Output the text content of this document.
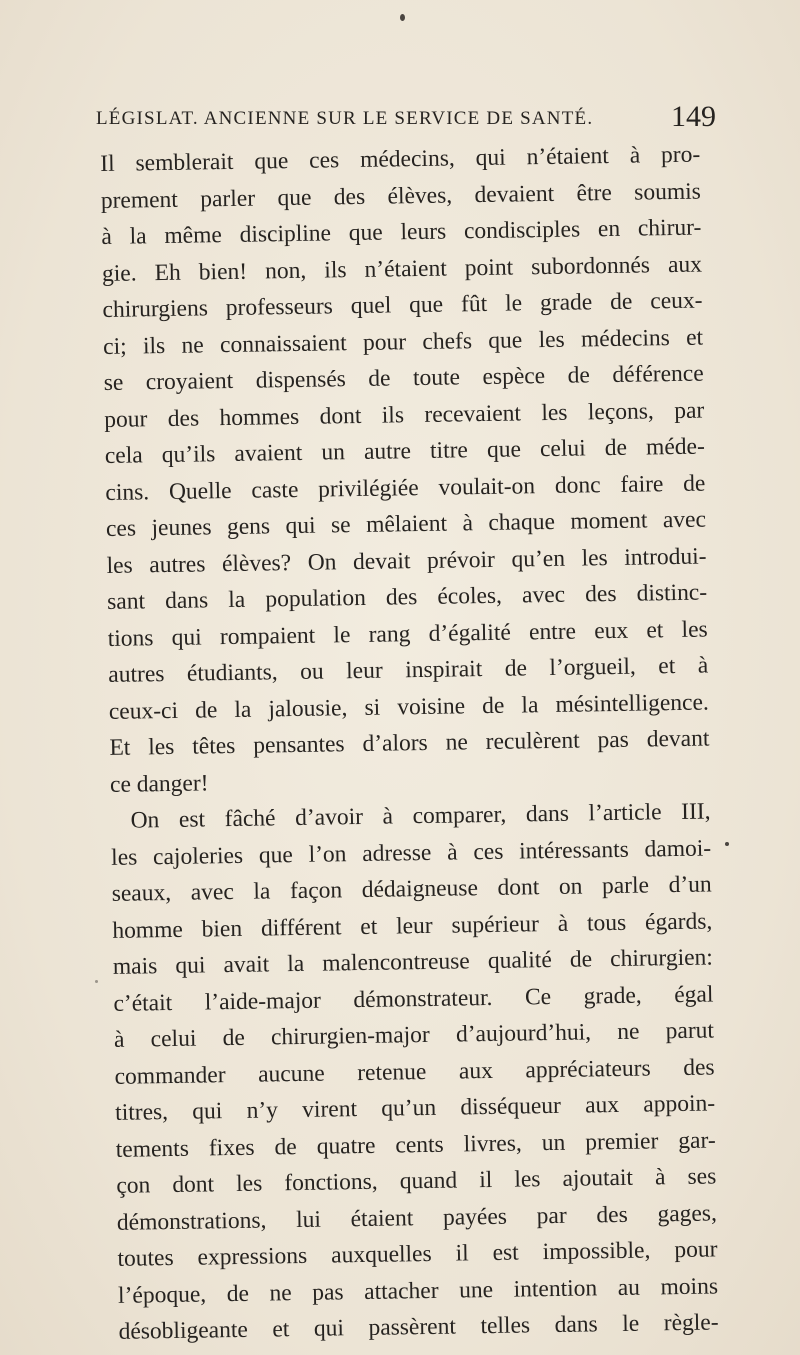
LÉGISLAT. ANCIENNE SUR LE SERVICE DE SANTÉ.	149
Il semblerait que ces médecins, qui n’étaient à pro-
prement parler que des élèves, devaient être soumis
à la même discipline que leurs condisciples en chirur-
gie. Eh bien! non, ils n’étaient point subordonnés aux
chirurgiens professeurs quel que fût le grade de ceux-
ci; ils ne connaissaient pour chefs que les médecins et
se croyaient dispensés de toute espèce de déférence
pour des hommes dont ils recevaient les leçons, par
cela qu’ils avaient un autre titre que celui de méde-
cins. Quelle caste privilégiée voulait-on donc faire de
ces jeunes gens qui se mêlaient à chaque moment avec
les autres élèves? On devait prévoir qu’en les introdui-
sant dans la population des écoles, avec des distinc-
tions qui rompaient le rang d’égalité entre eux et les
autres étudiants, ou leur inspirait de l’orgueil, et à
ceux-ci de la jalousie, si voisine de la mésintelligence.
Et les têtes pensantes d’alors ne reculèrent pas devant
ce danger!
On est fâché d’avoir à comparer, dans l’article III,
les cajoleries que l’on adresse à ces intéressants damoi-
seaux, avec la façon dédaigneuse dont on parle d’un
homme bien différent et leur supérieur à tous égards,
mais qui avait la malencontreuse qualité de chirurgien:
c’était l’aide-major démonstrateur. Ce grade, égal
à celui de chirurgien-major d’aujourd’hui, ne parut
commander aucune retenue aux appréciateurs des
titres, qui n’y virent qu’un disséqueur aux appoin-
tements fixes de quatre cents livres, un premier gar-
çon dont les fonctions, quand il les ajoutait à ses
démonstrations, lui étaient payées par des gages,
toutes expressions auxquelles il est impossible, pour
l’époque, de ne pas attacher une intention au moins
désobligeante et qui passèrent telles dans le règle-
